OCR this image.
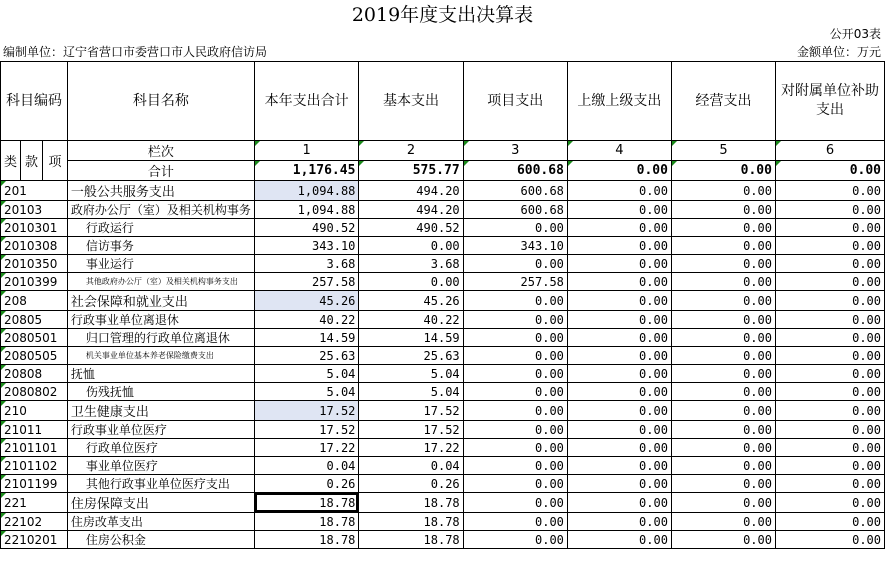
2019年度支出决算表
公开03表
编制单位：辽宁省营口市委营口市人民政府信访局	金额单位：万元
科目编码			科目名称	本年支出合计	基本支出	项目支出	上缴上级支出	经营支出	对附属单位补助支出
类	款	项	栏次	1	2	3	4	5	6
			合计	1,176.45	575.77	600.68	0.00	0.00	0.00
201			一般公共服务支出	1,094.88	494.20	600.68	0.00	0.00	0.00
20103			政府办公厅（室）及相关机构事务	1,094.88	494.20	600.68	0.00	0.00	0.00
2010301			行政运行	490.52	490.52	0.00	0.00	0.00	0.00
2010308			信访事务	343.10	0.00	343.10	0.00	0.00	0.00
2010350			事业运行	3.68	3.68	0.00	0.00	0.00	0.00
2010399			其他政府办公厅（室）及相关机构事务支出	257.58	0.00	257.58	0.00	0.00	0.00
208			社会保障和就业支出	45.26	45.26	0.00	0.00	0.00	0.00
20805			行政事业单位离退休	40.22	40.22	0.00	0.00	0.00	0.00
2080501			归口管理的行政单位离退休	14.59	14.59	0.00	0.00	0.00	0.00
2080505			机关事业单位基本养老保险缴费支出	25.63	25.63	0.00	0.00	0.00	0.00
20808			抚恤	5.04	5.04	0.00	0.00	0.00	0.00
2080802			伤残抚恤	5.04	5.04	0.00	0.00	0.00	0.00
210			卫生健康支出	17.52	17.52	0.00	0.00	0.00	0.00
21011			行政事业单位医疗	17.52	17.52	0.00	0.00	0.00	0.00
2101101			行政单位医疗	17.22	17.22	0.00	0.00	0.00	0.00
2101102			事业单位医疗	0.04	0.04	0.00	0.00	0.00	0.00
2101199			其他行政事业单位医疗支出	0.26	0.26	0.00	0.00	0.00	0.00
221			住房保障支出	18.78	18.78	0.00	0.00	0.00	0.00
22102			住房改革支出	18.78	18.78	0.00	0.00	0.00	0.00
2210201			住房公积金	18.78	18.78	0.00	0.00	0.00	0.00
